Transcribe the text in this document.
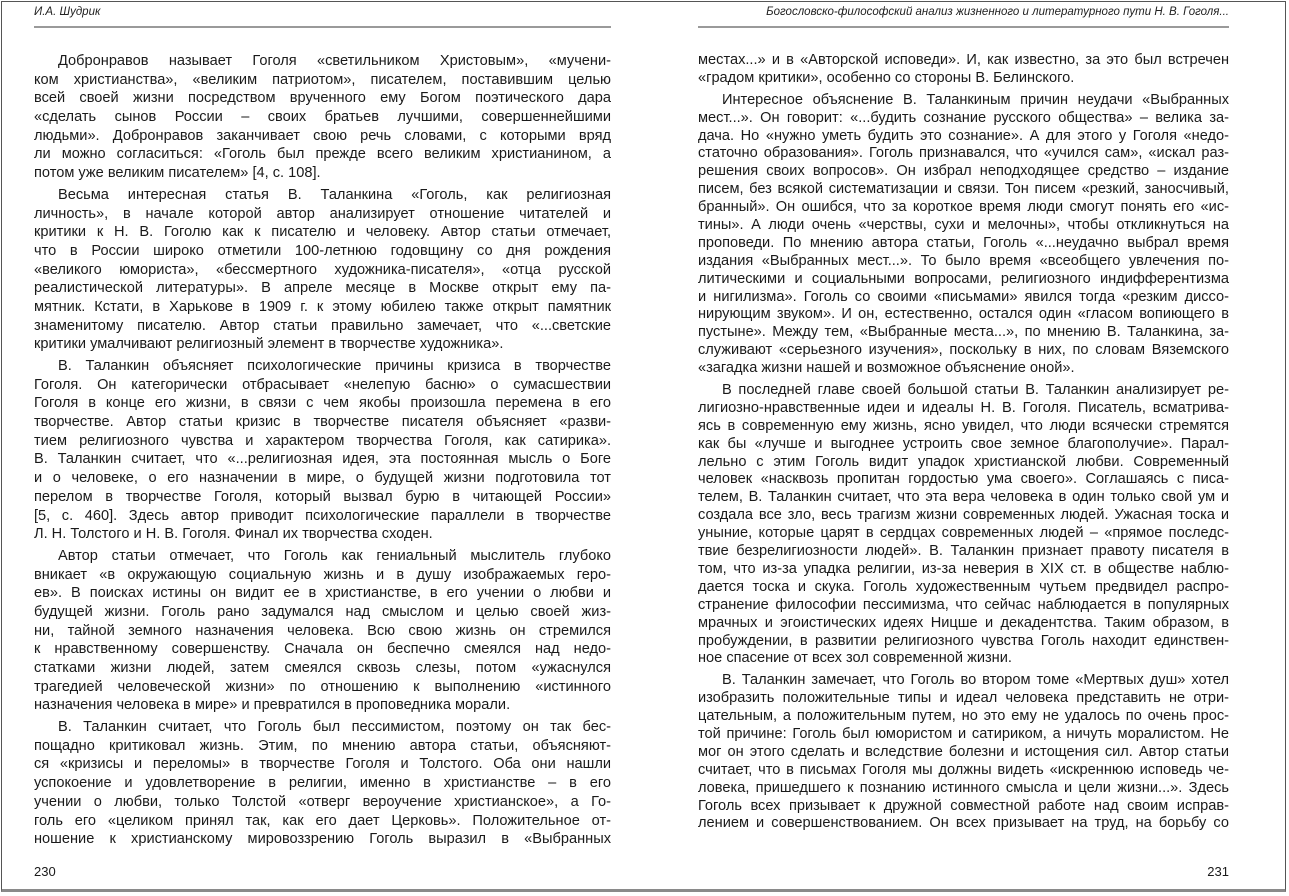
И.А. Шудрик
Добронравов называет Гоголя «светильником Христовым», «мучени-
ком христианства», «великим патриотом», писателем, поставившим целью
всей своей жизни посредством врученного ему Богом поэтического дара
«сделать сынов России – своих братьев лучшими, совершеннейшими
людьми». Добронравов заканчивает свою речь словами, с которыми вряд
ли можно согласиться: «Гоголь был прежде всего великим христианином, а
потом уже великим писателем» [4, с. 108].
Весьма интересная статья В. Таланкина «Гоголь, как религиозная
личность», в начале которой автор анализирует отношение читателей и
критики к Н. В. Гоголю как к писателю и человеку. Автор статьи отмечает,
что в России широко отметили 100-летнюю годовщину со дня рождения
«великого юмориста», «бессмертного художника-писателя», «отца русской
реалистической литературы». В апреле месяце в Москве открыт ему па-
мятник. Кстати, в Харькове в 1909 г. к этому юбилею также открыт памятник
знаменитому писателю. Автор статьи правильно замечает, что «...светские
критики умалчивают религиозный элемент в творчестве художника».
В. Таланкин объясняет психологические причины кризиса в творчестве
Гоголя. Он категорически отбрасывает «нелепую басню» о сумасшествии
Гоголя в конце его жизни, в связи с чем якобы произошла перемена в его
творчестве. Автор статьи кризис в творчестве писателя объясняет «разви-
тием религиозного чувства и характером творчества Гоголя, как сатирика».
В. Таланкин считает, что «...религиозная идея, эта постоянная мысль о Боге
и о человеке, о его назначении в мире, о будущей жизни подготовила тот
перелом в творчестве Гоголя, который вызвал бурю в читающей России»
[5, с. 460]. Здесь автор приводит психологические параллели в творчестве
Л. Н. Толстого и Н. В. Гоголя. Финал их творчества сходен.
Автор статьи отмечает, что Гоголь как гениальный мыслитель глубоко
вникает «в окружающую социальную жизнь и в душу изображаемых геро-
ев». В поисках истины он видит ее в христианстве, в его учении о любви и
будущей жизни. Гоголь рано задумался над смыслом и целью своей жиз-
ни, тайной земного назначения человека. Всю свою жизнь он стремился
к нравственному совершенству. Сначала он беспечно смеялся над недо-
статками жизни людей, затем смеялся сквозь слезы, потом «ужаснулся
трагедией человеческой жизни» по отношению к выполнению «истинного
назначения человека в мире» и превратился в проповедника морали.
В. Таланкин считает, что Гоголь был пессимистом, поэтому он так бес-
пощадно критиковал жизнь. Этим, по мнению автора статьи, объясняют-
ся «кризисы и переломы» в творчестве Гоголя и Толстого. Оба они нашли
успокоение и удовлетворение в религии, именно в христианстве – в его
учении о любви, только Толстой «отверг вероучение христианское», а Го-
голь его «целиком принял так, как его дает Церковь». Положительное от-
ношение к христианскому мировоззрению Гоголь выразил в «Выбранных
230
Богословско-философский анализ жизненного и литературного пути Н. В. Гоголя...
местах...» и в «Авторской исповеди». И, как известно, за это был встречен
«градом критики», особенно со стороны В. Белинского.
Интересное объяснение В. Таланкиным причин неудачи «Выбранных
мест...». Он говорит: «...будить сознание русского общества» – велика за-
дача. Но «нужно уметь будить это сознание». А для этого у Гоголя «недо-
статочно образования». Гоголь признавался, что «учился сам», «искал раз-
решения своих вопросов». Он избрал неподходящее средство – издание
писем, без всякой систематизации и связи. Тон писем «резкий, заносчивый,
бранный». Он ошибся, что за короткое время люди смогут понять его «ис-
тины». А люди очень «черствы, сухи и мелочны», чтобы откликнуться на
проповеди. По мнению автора статьи, Гоголь «...неудачно выбрал время
издания «Выбранных мест...». То было время «всеобщего увлечения по-
литическими и социальными вопросами, религиозного индифферентизма
и нигилизма». Гоголь со своими «письмами» явился тогда «резким диссо-
нирующим звуком». И он, естественно, остался один «гласом вопиющего в
пустыне». Между тем, «Выбранные места...», по мнению В. Таланкина, за-
служивают «серьезного изучения», поскольку в них, по словам Вяземского
«загадка жизни нашей и возможное объяснение оной».
В последней главе своей большой статьи В. Таланкин анализирует ре-
лигиозно-нравственные идеи и идеалы Н. В. Гоголя. Писатель, всматрива-
ясь в современную ему жизнь, ясно увидел, что люди всячески стремятся
как бы «лучше и выгоднее устроить свое земное благополучие». Парал-
лельно с этим Гоголь видит упадок христианской любви. Современный
человек «насквозь пропитан гордостью ума своего». Соглашаясь с писа-
телем, В. Таланкин считает, что эта вера человека в один только свой ум и
создала все зло, весь трагизм жизни современных людей. Ужасная тоска и
уныние, которые царят в сердцах современных людей – «прямое последс-
твие безрелигиозности людей». В. Таланкин признает правоту писателя в
том, что из-за упадка религии, из-за неверия в XIX ст. в обществе наблю-
дается тоска и скука. Гоголь художественным чутьем предвидел распро-
странение философии пессимизма, что сейчас наблюдается в популярных
мрачных и эгоистических идеях Ницше и декадентства. Таким образом, в
пробуждении, в развитии религиозного чувства Гоголь находит единствен-
ное спасение от всех зол современной жизни.
В. Таланкин замечает, что Гоголь во втором томе «Мертвых душ» хотел
изобразить положительные типы и идеал человека представить не отри-
цательным, а положительным путем, но это ему не удалось по очень прос-
той причине: Гоголь был юмористом и сатириком, а ничуть моралистом. Не
мог он этого сделать и вследствие болезни и истощения сил. Автор статьи
считает, что в письмах Гоголя мы должны видеть «искреннюю исповедь че-
ловека, пришедшего к познанию истинного смысла и цели жизни...». Здесь
Гоголь всех призывает к дружной совместной работе над своим исправ-
лением и совершенствованием. Он всех призывает на труд, на борьбу со
231
